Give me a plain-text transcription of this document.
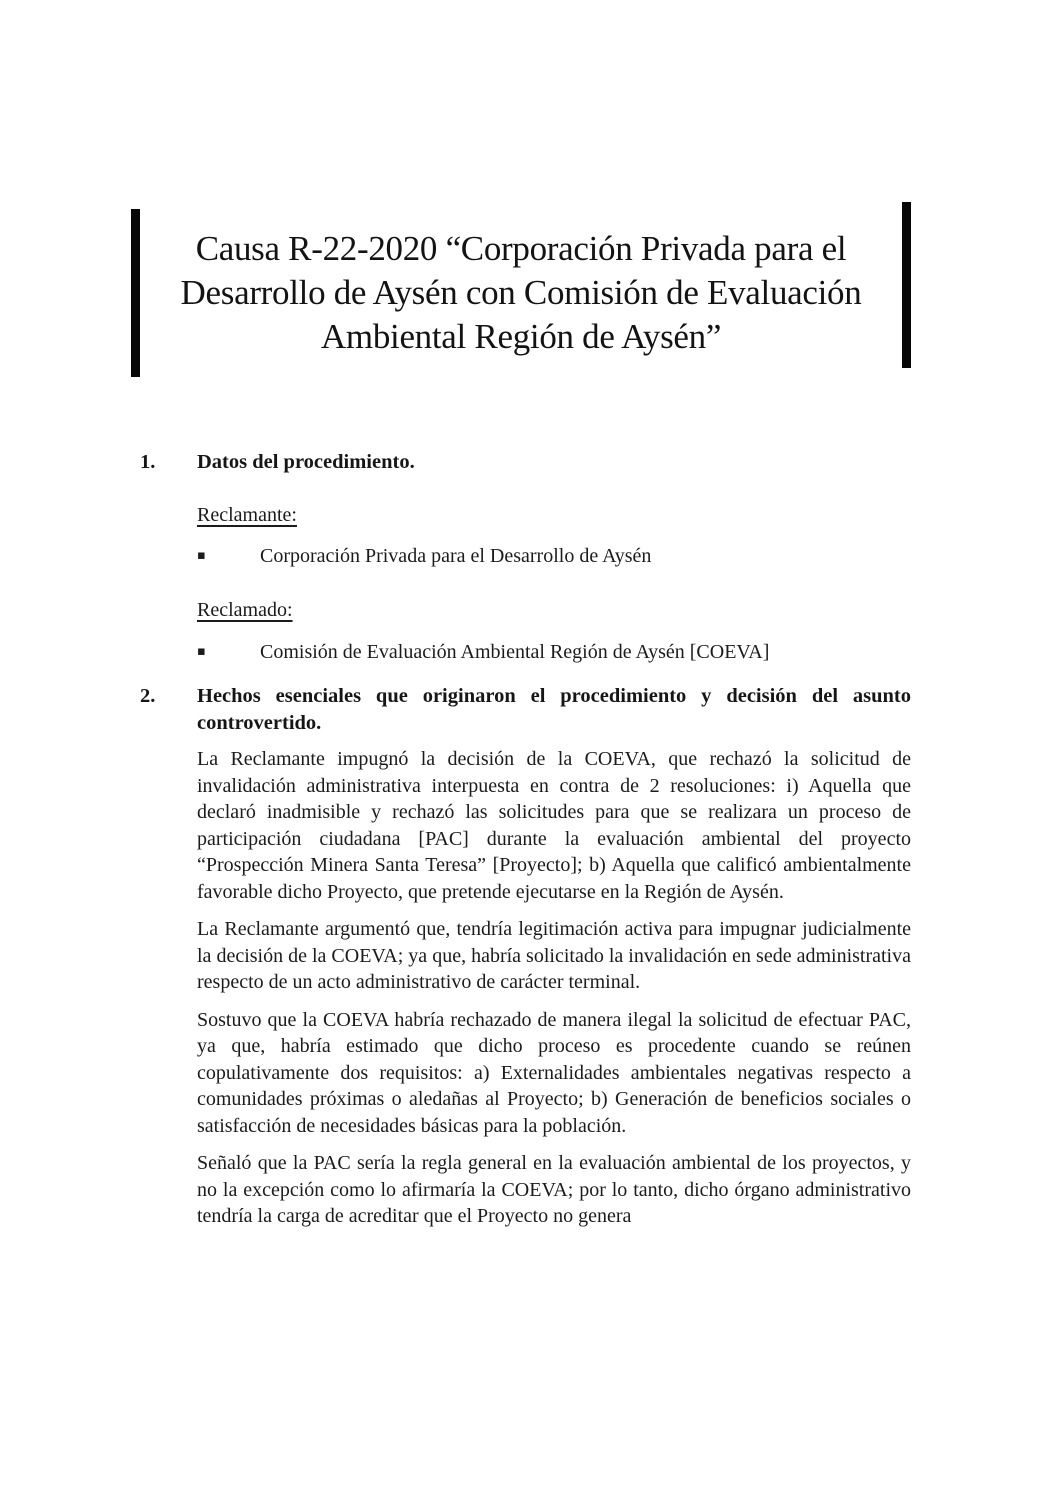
Causa R-22-2020 “Corporación Privada para el
Desarrollo de Aysén con Comisión de Evaluación
Ambiental Región de Aysén”
1.	Datos del procedimiento.
Reclamante:
▪	Corporación Privada para el Desarrollo de Aysén
Reclamado:
▪	Comisión de Evaluación Ambiental Región de Aysén [COEVA]
2.	Hechos esenciales que originaron el procedimiento y decisión del asunto controvertido.

La Reclamante impugnó la decisión de la COEVA, que rechazó la solicitud de invalidación administrativa interpuesta en contra de 2 resoluciones: i) Aquella que declaró inadmisible y rechazó las solicitudes para que se realizara un proceso de participación ciudadana [PAC] durante la evaluación ambiental del proyecto “Prospección Minera Santa Teresa” [Proyecto]; b) Aquella que calificó ambientalmente favorable dicho Proyecto, que pretende ejecutarse en la Región de Aysén.

La Reclamante argumentó que, tendría legitimación activa para impugnar judicialmente la decisión de la COEVA; ya que, habría solicitado la invalidación en sede administrativa respecto de un acto administrativo de carácter terminal.

Sostuvo que la COEVA habría rechazado de manera ilegal la solicitud de efectuar PAC, ya que, habría estimado que dicho proceso es procedente cuando se reúnen copulativamente dos requisitos: a) Externalidades ambientales negativas respecto a comunidades próximas o aledañas al Proyecto; b) Generación de beneficios sociales o satisfacción de necesidades básicas para la población.

Señaló que la PAC sería la regla general en la evaluación ambiental de los proyectos, y no la excepción como lo afirmaría la COEVA; por lo tanto, dicho órgano administrativo tendría la carga de acreditar que el Proyecto no genera
